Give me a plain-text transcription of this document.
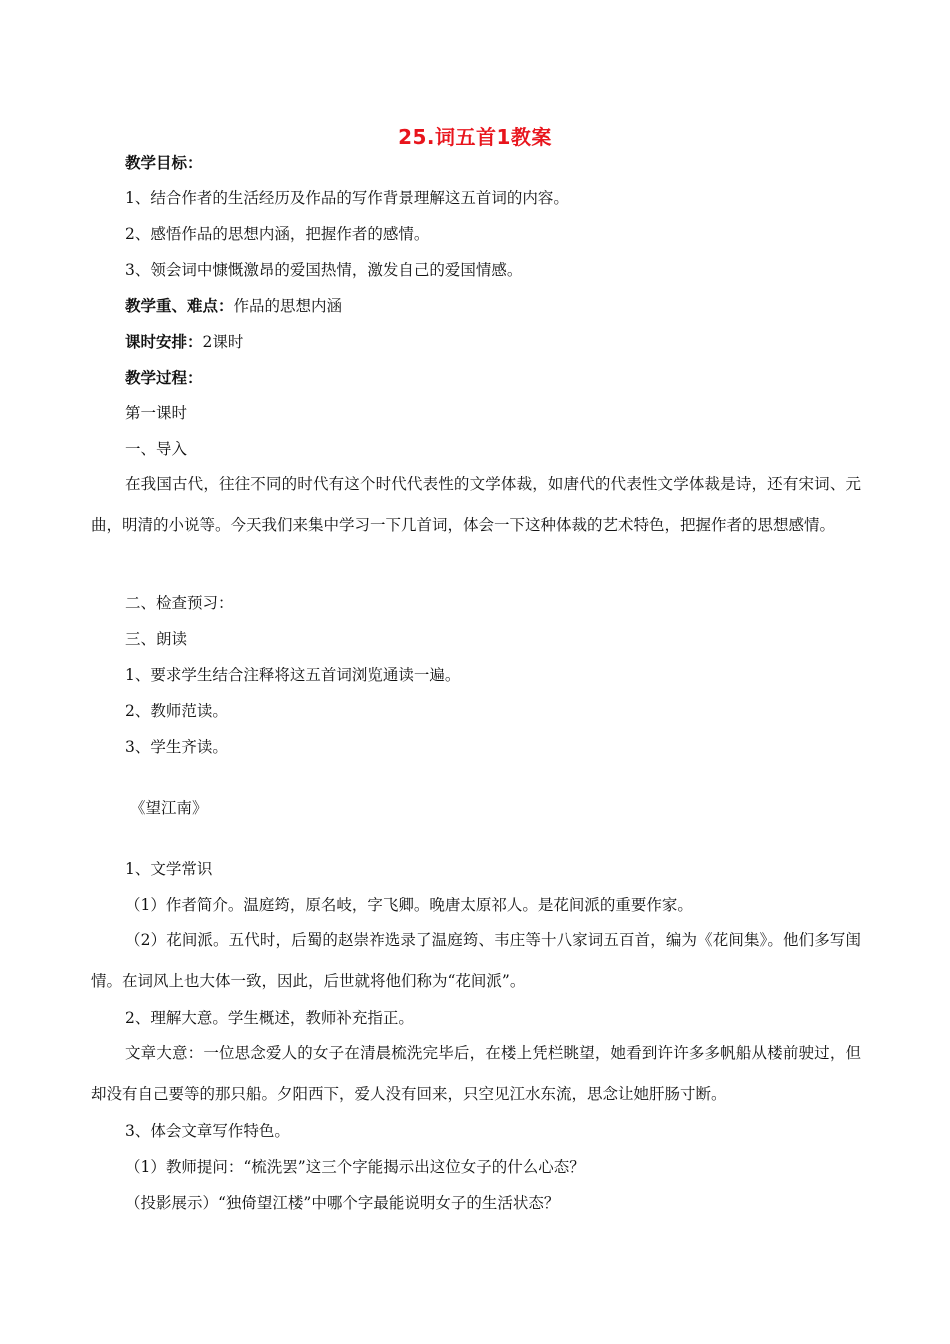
25.词五首1教案
教学目标：
1、结合作者的生活经历及作品的写作背景理解这五首词的内容。
2、感悟作品的思想内涵，把握作者的感情。
3、领会词中慷慨激昂的爱国热情，激发自己的爱国情感。
教学重、难点：作品的思想内涵
课时安排：2课时
教学过程：
第一课时
一、导入
在我国古代，往往不同的时代有这个时代代表性的文学体裁，如唐代的代表性文学体裁是诗，还有宋词、元曲，明清的小说等。今天我们来集中学习一下几首词，体会一下这种体裁的艺术特色，把握作者的思想感情。
二、检查预习：
三、朗读
1、要求学生结合注释将这五首词浏览通读一遍。
2、教师范读。
3、学生齐读。
《望江南》
1、文学常识
（1）作者简介。温庭筠，原名岐，字飞卿。晚唐太原祁人。是花间派的重要作家。
（2）花间派。五代时，后蜀的赵崇祚选录了温庭筠、韦庄等十八家词五百首，编为《花间集》。他们多写闺情。在词风上也大体一致，因此，后世就将他们称为“花间派”。
2、理解大意。学生概述，教师补充指正。
文章大意：一位思念爱人的女子在清晨梳洗完毕后，在楼上凭栏眺望，她看到许许多多帆船从楼前驶过，但却没有自己要等的那只船。夕阳西下，爱人没有回来，只空见江水东流，思念让她肝肠寸断。
3、体会文章写作特色。
（1）教师提问：“梳洗罢”这三个字能揭示出这位女子的什么心态？
（投影展示）“独倚望江楼”中哪个字最能说明女子的生活状态？
